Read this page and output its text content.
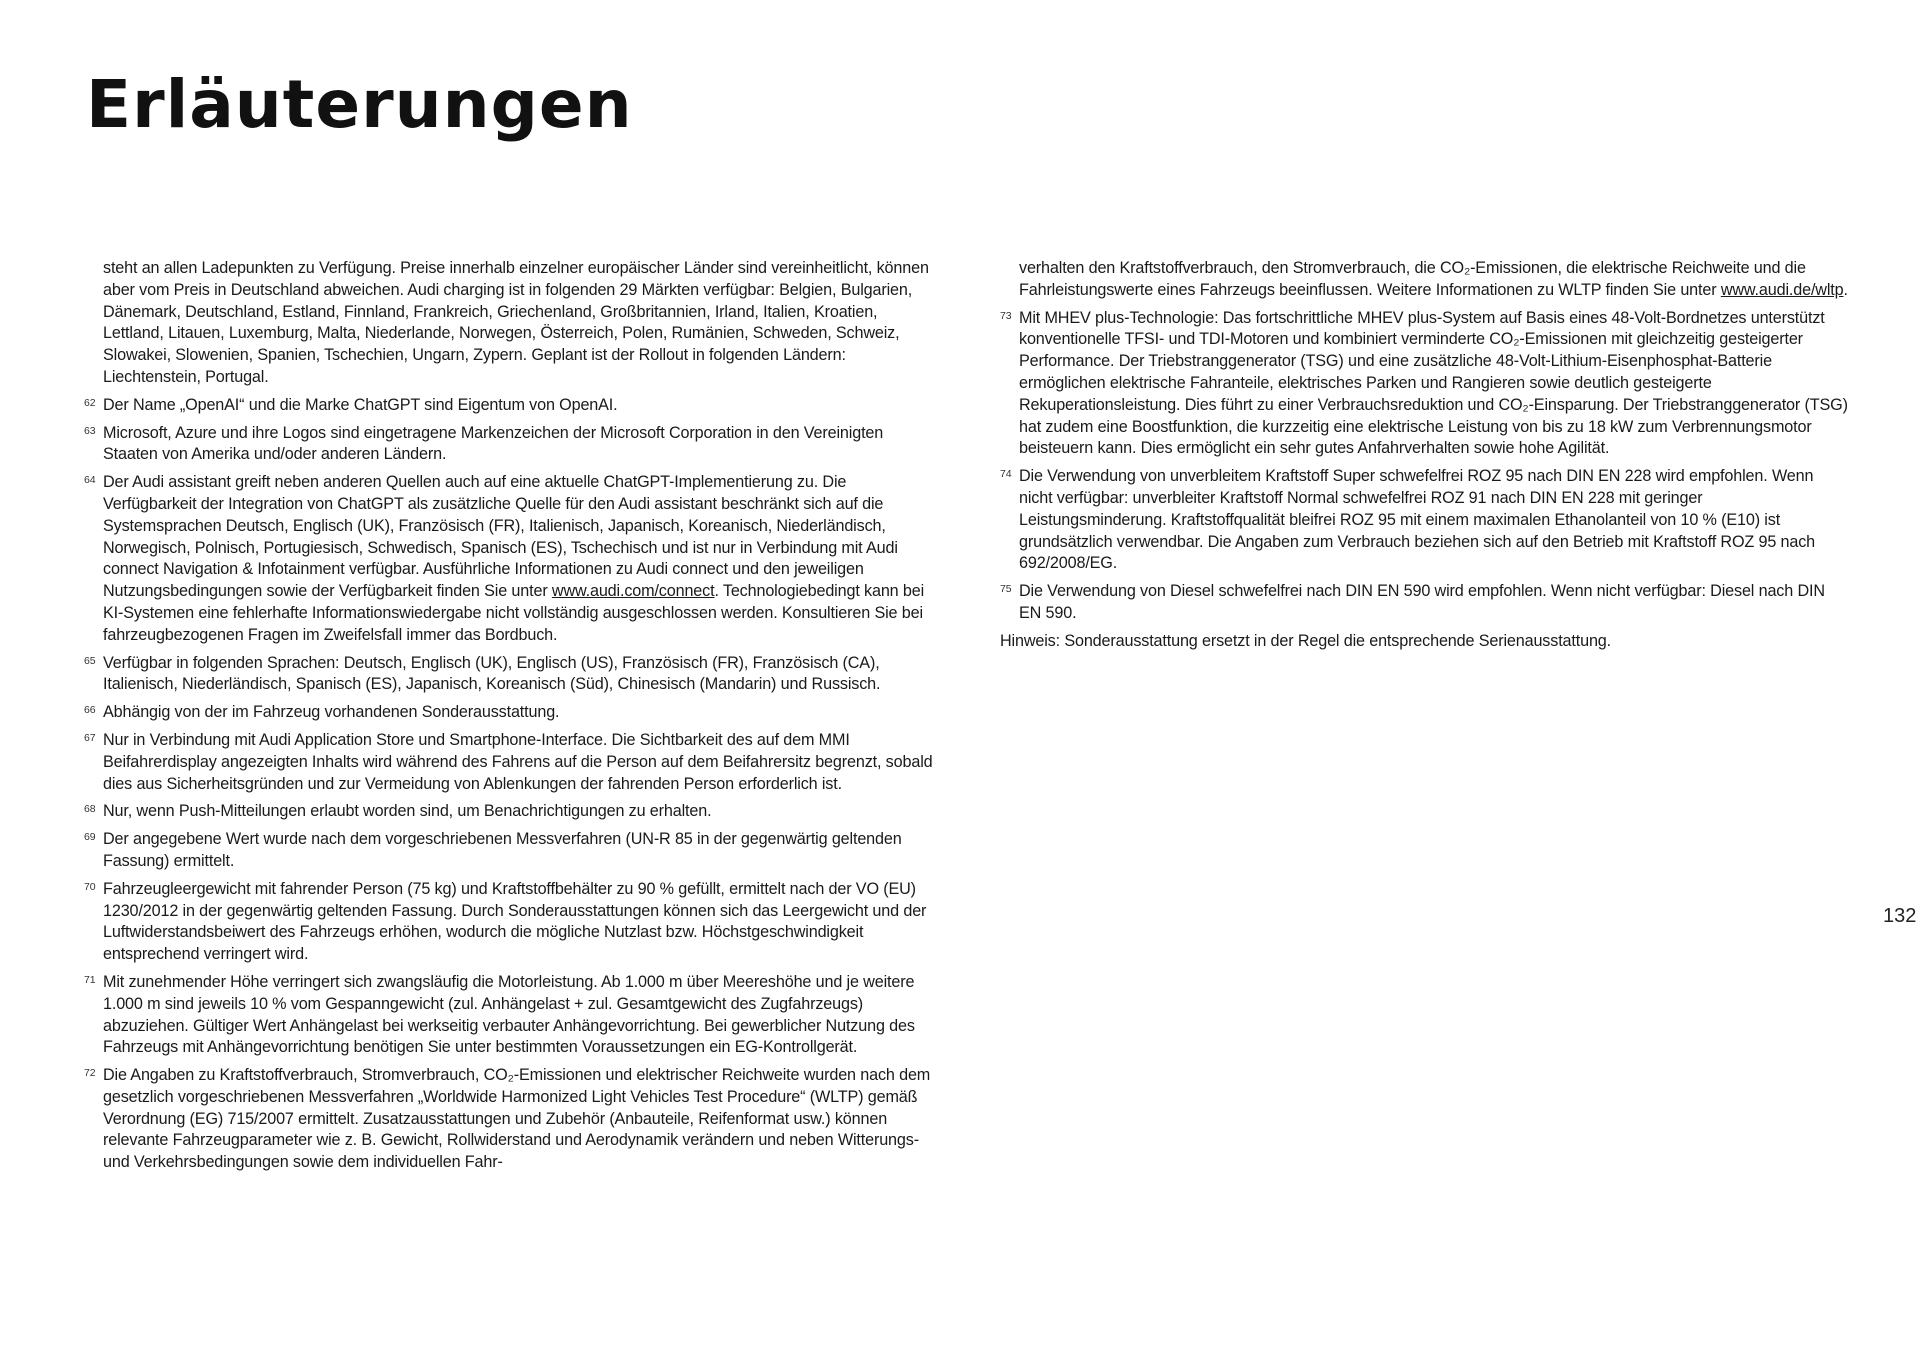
Erläuterungen

steht an allen Ladepunkten zu Verfügung. Preise innerhalb einzelner europäischer Länder sind vereinheitlicht, können aber vom Preis in Deutschland abweichen. Audi charging ist in folgenden 29 Märkten verfügbar: Belgien, Bulgarien, Dänemark, Deutschland, Estland, Finnland, Frankreich, Griechenland, Großbritannien, Irland, Italien, Kroatien, Lettland, Litauen, Luxemburg, Malta, Niederlande, Norwegen, Österreich, Polen, Rumänien, Schweden, Schweiz, Slowakei, Slowenien, Spanien, Tschechien, Ungarn, Zypern. Geplant ist der Rollout in folgenden Ländern: Liechtenstein, Portugal.

62 Der Name „OpenAI“ und die Marke ChatGPT sind Eigentum von OpenAI.

63 Microsoft, Azure und ihre Logos sind eingetragene Markenzeichen der Microsoft Corporation in den Vereinigten Staaten von Amerika und/oder anderen Ländern.

64 Der Audi assistant greift neben anderen Quellen auch auf eine aktuelle ChatGPT-Implementierung zu. Die Verfügbarkeit der Integration von ChatGPT als zusätzliche Quelle für den Audi assistant beschränkt sich auf die Systemsprachen Deutsch, Englisch (UK), Französisch (FR), Italienisch, Japanisch, Koreanisch, Niederländisch, Norwegisch, Polnisch, Portugiesisch, Schwedisch, Spanisch (ES), Tschechisch und ist nur in Verbindung mit Audi connect Navigation & Infotainment verfügbar. Ausführliche Informationen zu Audi connect und den jeweiligen Nutzungsbedingungen sowie der Verfügbarkeit finden Sie unter www.audi.com/connect. Technologiebedingt kann bei KI-Systemen eine fehlerhafte Informationswiedergabe nicht vollständig ausgeschlossen werden. Konsultieren Sie bei fahrzeugbezogenen Fragen im Zweifelsfall immer das Bordbuch.

65 Verfügbar in folgenden Sprachen: Deutsch, Englisch (UK), Englisch (US), Französisch (FR), Französisch (CA), Italienisch, Niederländisch, Spanisch (ES), Japanisch, Koreanisch (Süd), Chinesisch (Mandarin) und Russisch.

66 Abhängig von der im Fahrzeug vorhandenen Sonderausstattung.

67 Nur in Verbindung mit Audi Application Store und Smartphone-Interface. Die Sichtbarkeit des auf dem MMI Beifahrerdisplay angezeigten Inhalts wird während des Fahrens auf die Person auf dem Beifahrersitz begrenzt, sobald dies aus Sicherheitsgründen und zur Vermeidung von Ablenkungen der fahrenden Person erforderlich ist.

68 Nur, wenn Push-Mitteilungen erlaubt worden sind, um Benachrichtigungen zu erhalten.

69 Der angegebene Wert wurde nach dem vorgeschriebenen Messverfahren (UN-R 85 in der gegenwärtig geltenden Fassung) ermittelt.

70 Fahrzeugleergewicht mit fahrender Person (75 kg) und Kraftstoffbehälter zu 90 % gefüllt, ermittelt nach der VO (EU) 1230/2012 in der gegenwärtig geltenden Fassung. Durch Sonderausstattungen können sich das Leergewicht und der Luftwiderstandsbeiwert des Fahrzeugs erhöhen, wodurch die mögliche Nutzlast bzw. Höchstgeschwindigkeit entsprechend verringert wird.

71 Mit zunehmender Höhe verringert sich zwangsläufig die Motorleistung. Ab 1.000 m über Meereshöhe und je weitere 1.000 m sind jeweils 10 % vom Gespanngewicht (zul. Anhängelast + zul. Gesamtgewicht des Zugfahrzeugs) abzuziehen. Gültiger Wert Anhängelast bei werkseitig verbauter Anhängevorrichtung. Bei gewerblicher Nutzung des Fahrzeugs mit Anhängevorrichtung benötigen Sie unter bestimmten Voraussetzungen ein EG-Kontrollgerät.

72 Die Angaben zu Kraftstoffverbrauch, Stromverbrauch, CO₂-Emissionen und elektrischer Reichweite wurden nach dem gesetzlich vorgeschriebenen Messverfahren „Worldwide Harmonized Light Vehicles Test Procedure“ (WLTP) gemäß Verordnung (EG) 715/2007 ermittelt. Zusatzausstattungen und Zubehör (Anbauteile, Reifenformat usw.) können relevante Fahrzeugparameter wie z. B. Gewicht, Rollwiderstand und Aerodynamik verändern und neben Witterungs- und Verkehrsbedingungen sowie dem individuellen Fahr-

verhalten den Kraftstoffverbrauch, den Stromverbrauch, die CO₂-Emissionen, die elektrische Reichweite und die Fahrleistungswerte eines Fahrzeugs beeinflussen. Weitere Informationen zu WLTP finden Sie unter www.audi.de/wltp.

73 Mit MHEV plus-Technologie: Das fortschrittliche MHEV plus-System auf Basis eines 48-Volt-Bordnetzes unterstützt konventionelle TFSI- und TDI-Motoren und kombiniert verminderte CO₂-Emissionen mit gleichzeitig gesteigerter Performance. Der Triebstranggenerator (TSG) und eine zusätzliche 48-Volt-Lithium-Eisenphosphat-Batterie ermöglichen elektrische Fahranteile, elektrisches Parken und Rangieren sowie deutlich gesteigerte Rekuperationsleistung. Dies führt zu einer Verbrauchsreduktion und CO₂-Einsparung. Der Triebstranggenerator (TSG) hat zudem eine Boostfunktion, die kurzzeitig eine elektrische Leistung von bis zu 18 kW zum Verbrennungsmotor beisteuern kann. Dies ermöglicht ein sehr gutes Anfahrverhalten sowie hohe Agilität.

74 Die Verwendung von unverbleitem Kraftstoff Super schwefelfrei ROZ 95 nach DIN EN 228 wird empfohlen. Wenn nicht verfügbar: unverbleiter Kraftstoff Normal schwefelfrei ROZ 91 nach DIN EN 228 mit geringer Leistungsminderung. Kraftstoffqualität bleifrei ROZ 95 mit einem maximalen Ethanolanteil von 10 % (E10) ist grundsätzlich verwendbar. Die Angaben zum Verbrauch beziehen sich auf den Betrieb mit Kraftstoff ROZ 95 nach 692/2008/EG.

75 Die Verwendung von Diesel schwefelfrei nach DIN EN 590 wird empfohlen. Wenn nicht verfügbar: Diesel nach DIN EN 590.

Hinweis: Sonderausstattung ersetzt in der Regel die entsprechende Serienausstattung.

132
